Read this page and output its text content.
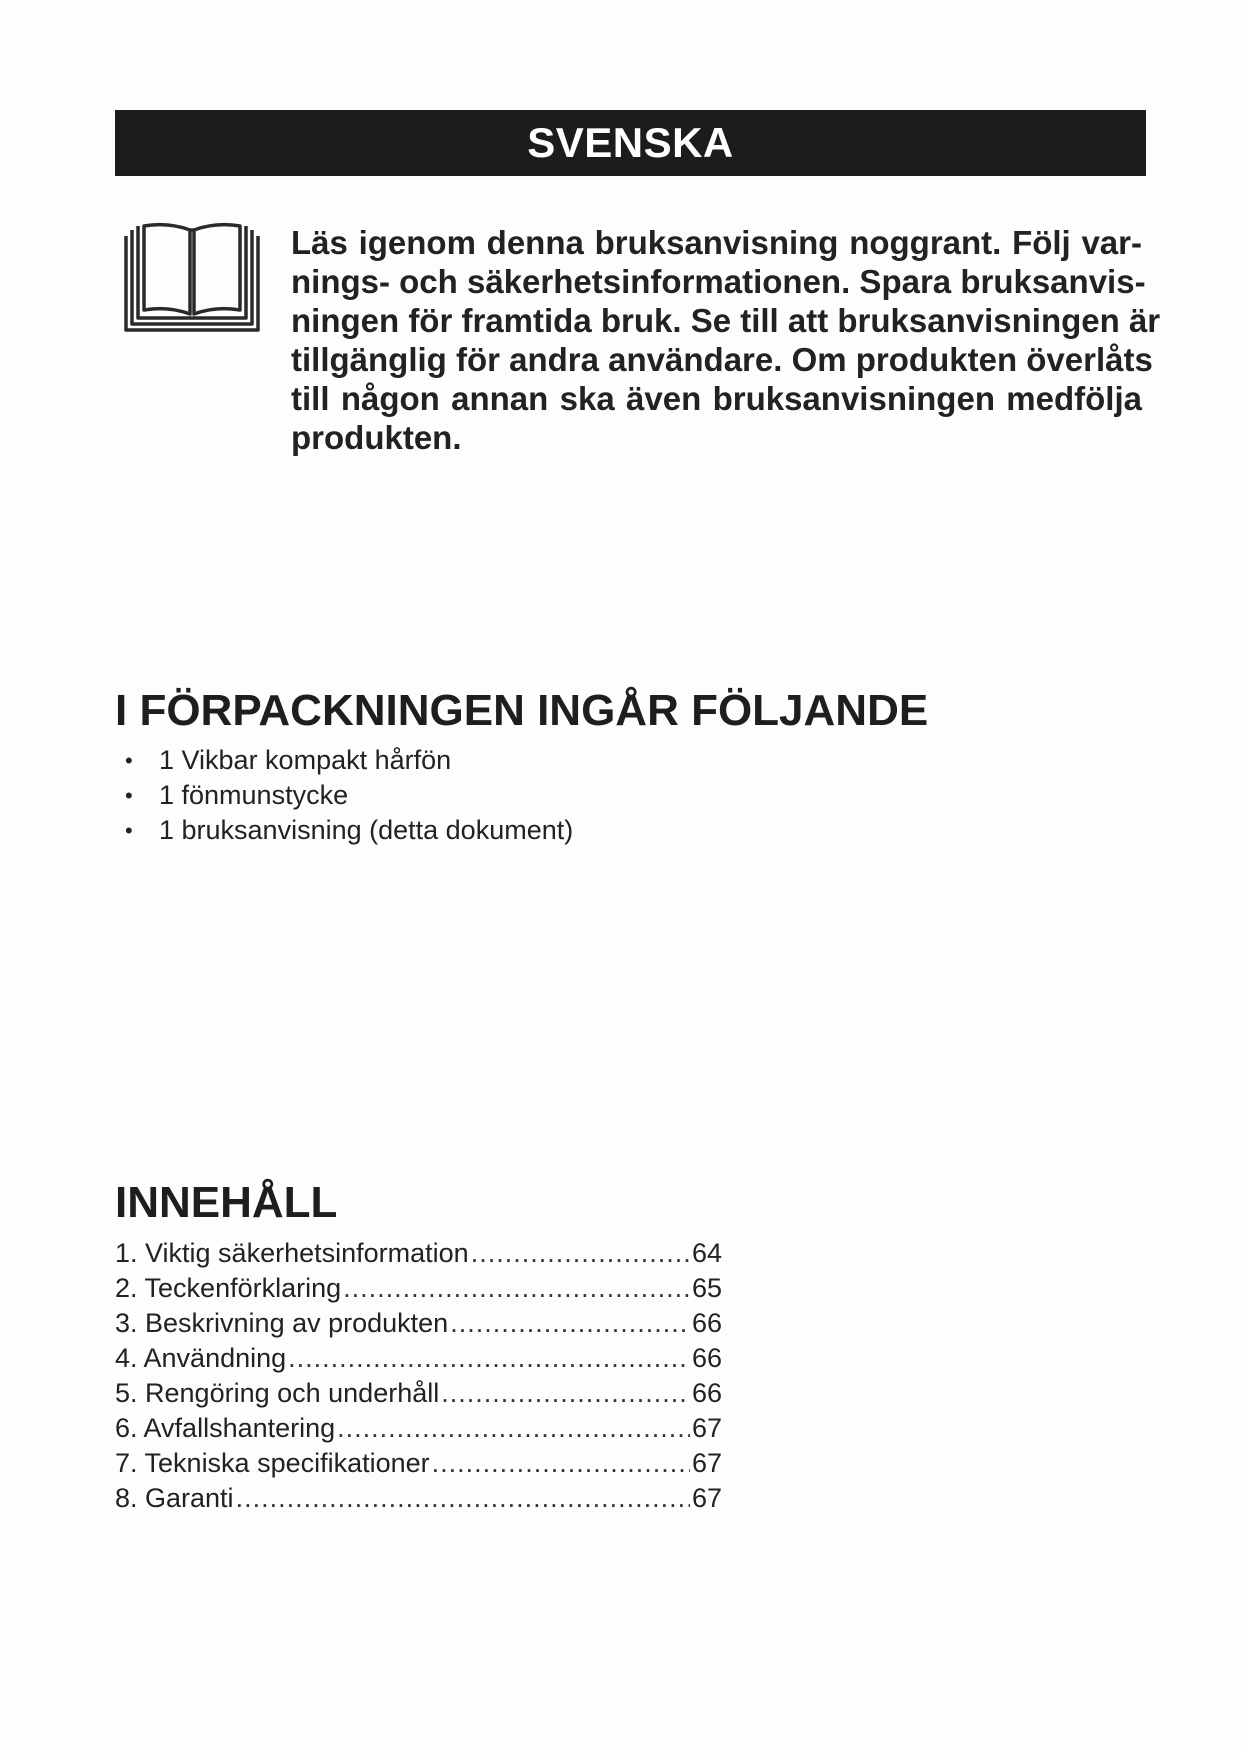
SVENSKA
Läs igenom denna bruksanvisning noggrant. Följ var-
nings- och säkerhetsinformationen. Spara bruksanvis-
ningen för framtida bruk. Se till att bruksanvisningen är
tillgänglig för andra användare. Om produkten överlåts
till någon annan ska även bruksanvisningen medfölja
produkten.
I FÖRPACKNINGEN INGÅR FÖLJANDE
• 1 Vikbar kompakt hårfön
• 1 fönmunstycke
• 1 bruksanvisning (detta dokument)
INNEHÅLL
1. Viktig säkerhetsinformation .....	64
2. Teckenförklaring .....	65
3. Beskrivning av produkten .....	66
4. Användning .....	66
5. Rengöring och underhåll .....	66
6. Avfallshantering .....	67
7. Tekniska specifikationer .....	67
8. Garanti .....	67
